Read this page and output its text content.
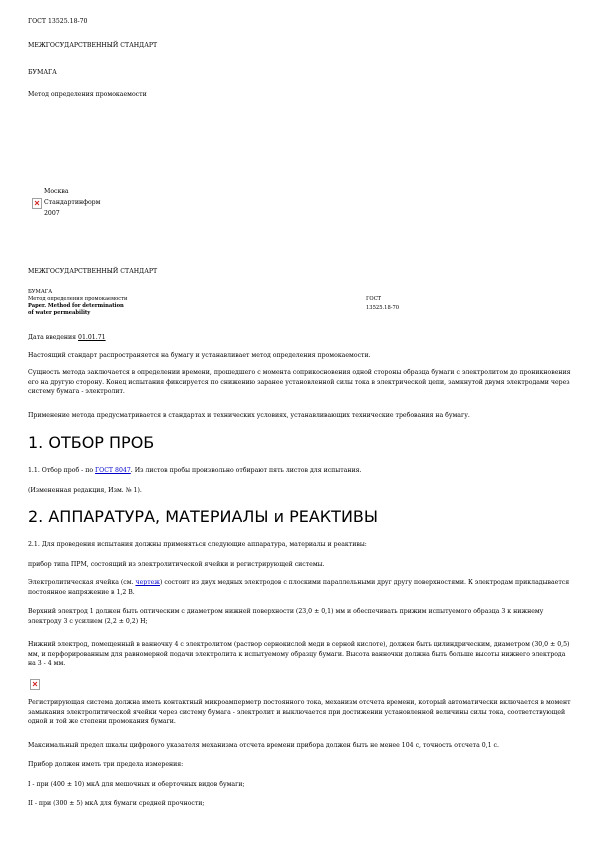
ГОСТ 13525.18-70
МЕЖГОСУДАРСТВЕННЫЙ СТАНДАРТ
БУМАГА
Метод определения промокаемости
Москва
Стандартинформ
2007
МЕЖГОСУДАРСТВЕННЫЙ СТАНДАРТ
БУМАГА
Метод определения промокаемости
Paper. Method for determination
of water permeability
ГОСТ
13525.18-70
Дата введения 01.01.71
Настоящий стандарт распространяется на бумагу и устанавливает метод определения промокаемости.
Сущность метода заключается в определении времени, прошедшего с момента соприкосновения одной стороны образца бумаги с электролитом до проникновения его на другую сторону. Конец испытания фиксируется по снижению заранее установленной силы тока в электрической цепи, замкнутой двумя электродами через систему бумага - электролит.
Применение метода предусматривается в стандартах и технических условиях, устанавливающих технические требования на бумагу.
1. ОТБОР ПРОБ
1.1. Отбор проб - по ГОСТ 8047. Из листов пробы произвольно отбирают пять листов для испытания.
(Измененная редакция, Изм. № 1).
2. АППАРАТУРА, МАТЕРИАЛЫ и РЕАКТИВЫ
2.1. Для проведения испытания должны применяться следующие аппаратура, материалы и реактивы:
прибор типа ПРМ, состоящий из электролитической ячейки и регистрирующей системы.
Электролитическая ячейка (см. чертеж) состоит из двух медных электродов с плоскими параллельными друг другу поверхностями. К электродам прикладывается постоянное напряжение в 1,2 В.
Верхний электрод 1 должен быть оптическим с диаметром нижней поверхности (23,0 ± 0,1) мм и обеспечивать прижим испытуемого образца 3 к нижнему электроду 3 с усилием (2,2 ± 0,2) Н;
Нижний электрод, помещенный в ванночку 4 с электролитом (раствор сернокислой меди в серной кислоте), должен быть цилиндрическим, диаметром (30,0 ± 0,5) мм, и перфорированным для равномерной подачи электролита к испытуемому образцу бумаги. Высота ванночки должна быть больше высоты нижнего электрода на 3 - 4 мм.
Регистрирующая система должна иметь контактный микроамперметр постоянного тока, механизм отсчета времени, который автоматически включается в момент замыкания электролитической ячейки через систему бумага - электролит и выключается при достижении установленной величины силы тока, соответствующей одной и той же степени промокания бумаги.
Максимальный предел шкалы цифрового указателя механизма отсчета времени прибора должен быть не менее 104 с, точность отсчета 0,1 с.
Прибор должен иметь три предела измерения:
I - при (400 ± 10) мкА для мешочных и оберточных видов бумаги;
II - при (300 ± 5) мкА для бумаги средней прочности;
